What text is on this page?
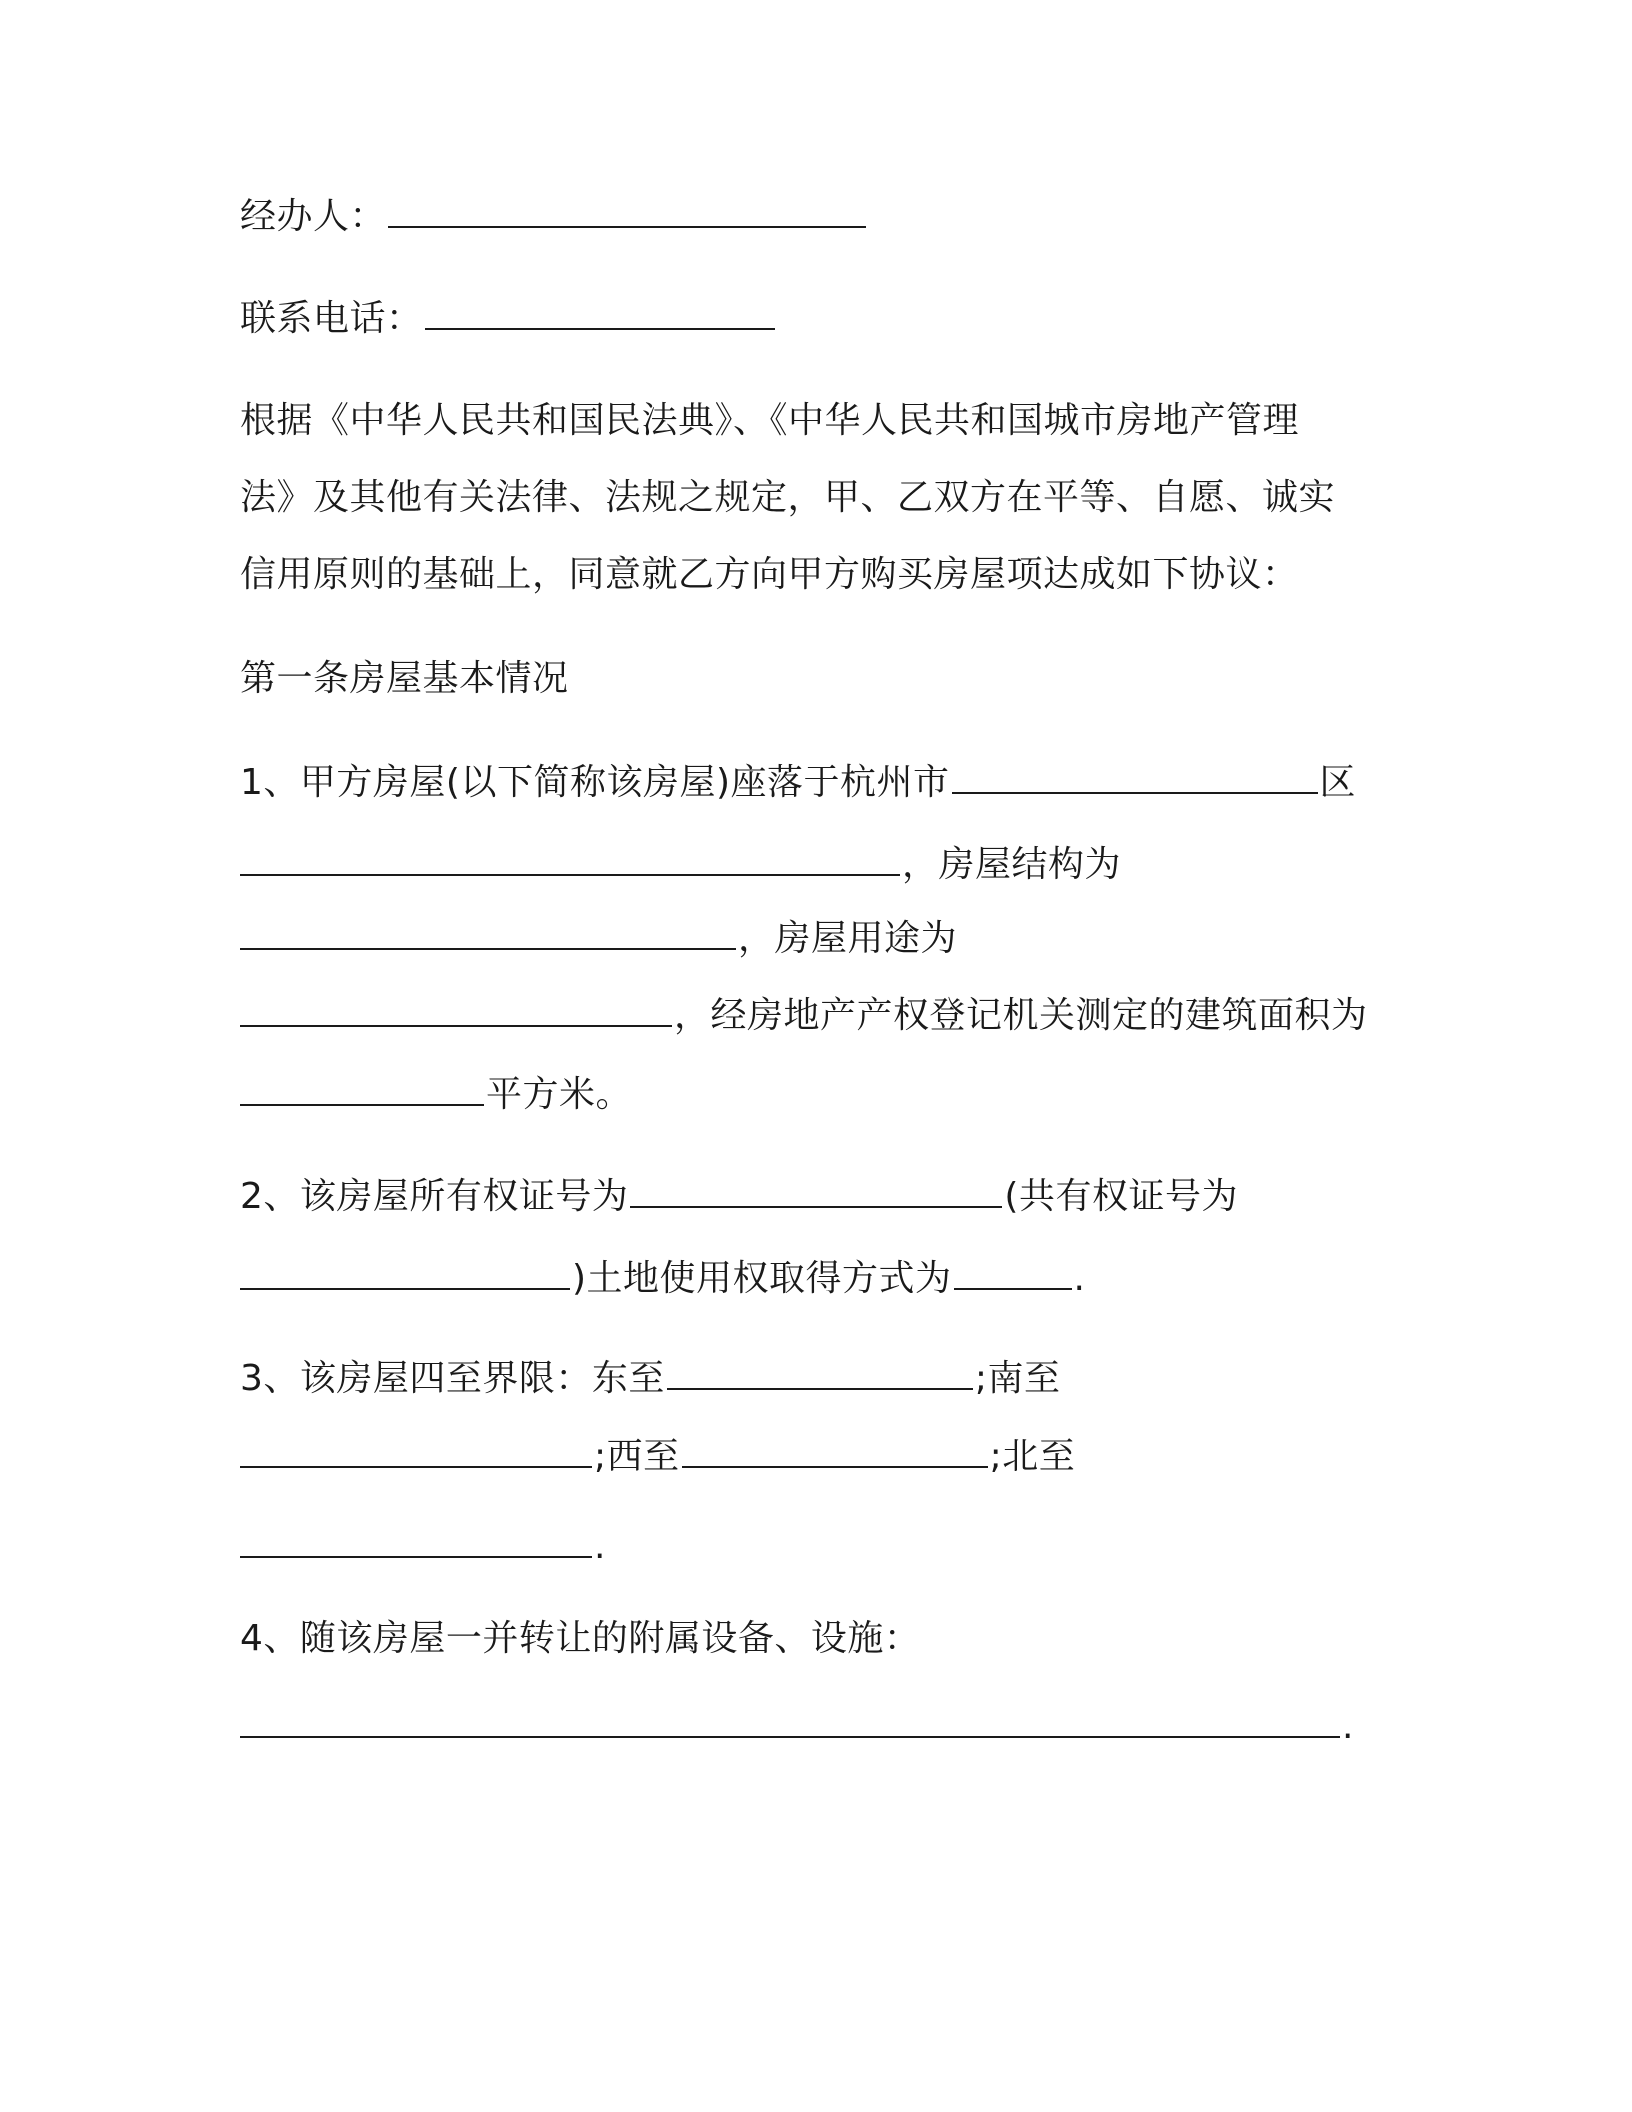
经办人：
联系电话：
根据《中华人民共和国民法典》、《中华人民共和国城市房地产管理
法》及其他有关法律、法规之规定，甲、乙双方在平等、自愿、诚实
信用原则的基础上，同意就乙方向甲方购买房屋项达成如下协议：
第一条房屋基本情况
1、甲方房屋(以下简称该房屋)座落于杭州市	区
，房屋结构为
，房屋用途为
，经房地产产权登记机关测定的建筑面积为
平方米。
2、该房屋所有权证号为	(共有权证号为
)土地使用权取得方式为	.
3、该房屋四至界限：东至	;南至
;西至	;北至
.
4、随该房屋一并转让的附属设备、设施：
.
